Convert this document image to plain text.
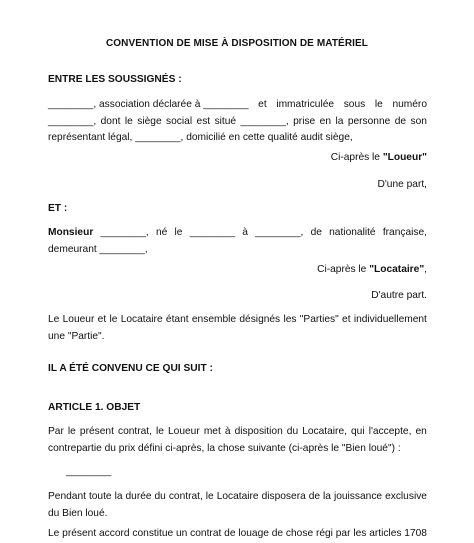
CONVENTION DE MISE À DISPOSITION DE MATÉRIEL
ENTRE LES SOUSSIGNÉS :
________, association déclarée à ________ et immatriculée sous le numéro
________, dont le siège social est situé ________, prise en la personne de son
représentant légal, ________, domicilié en cette qualité audit siège,
Ci-après le "Loueur"
D'une part,
ET :
Monsieur ________, né le ________ à ________, de nationalité française,
demeurant ________,
Ci-après le "Locataire",
D'autre part.
Le Loueur et le Locataire étant ensemble désignés les "Parties" et individuellement
une "Partie".
IL A ÉTÉ CONVENU CE QUI SUIT :
ARTICLE 1. OBJET
Par le présent contrat, le Loueur met à disposition du Locataire, qui l'accepte, en
contrepartie du prix défini ci-après, la chose suivante (ci-après le "Bien loué") :
________
Pendant toute la durée du contrat, le Locataire disposera de la jouissance exclusive
du Bien loué.
Le présent accord constitue un contrat de louage de chose régi par les articles 1708
